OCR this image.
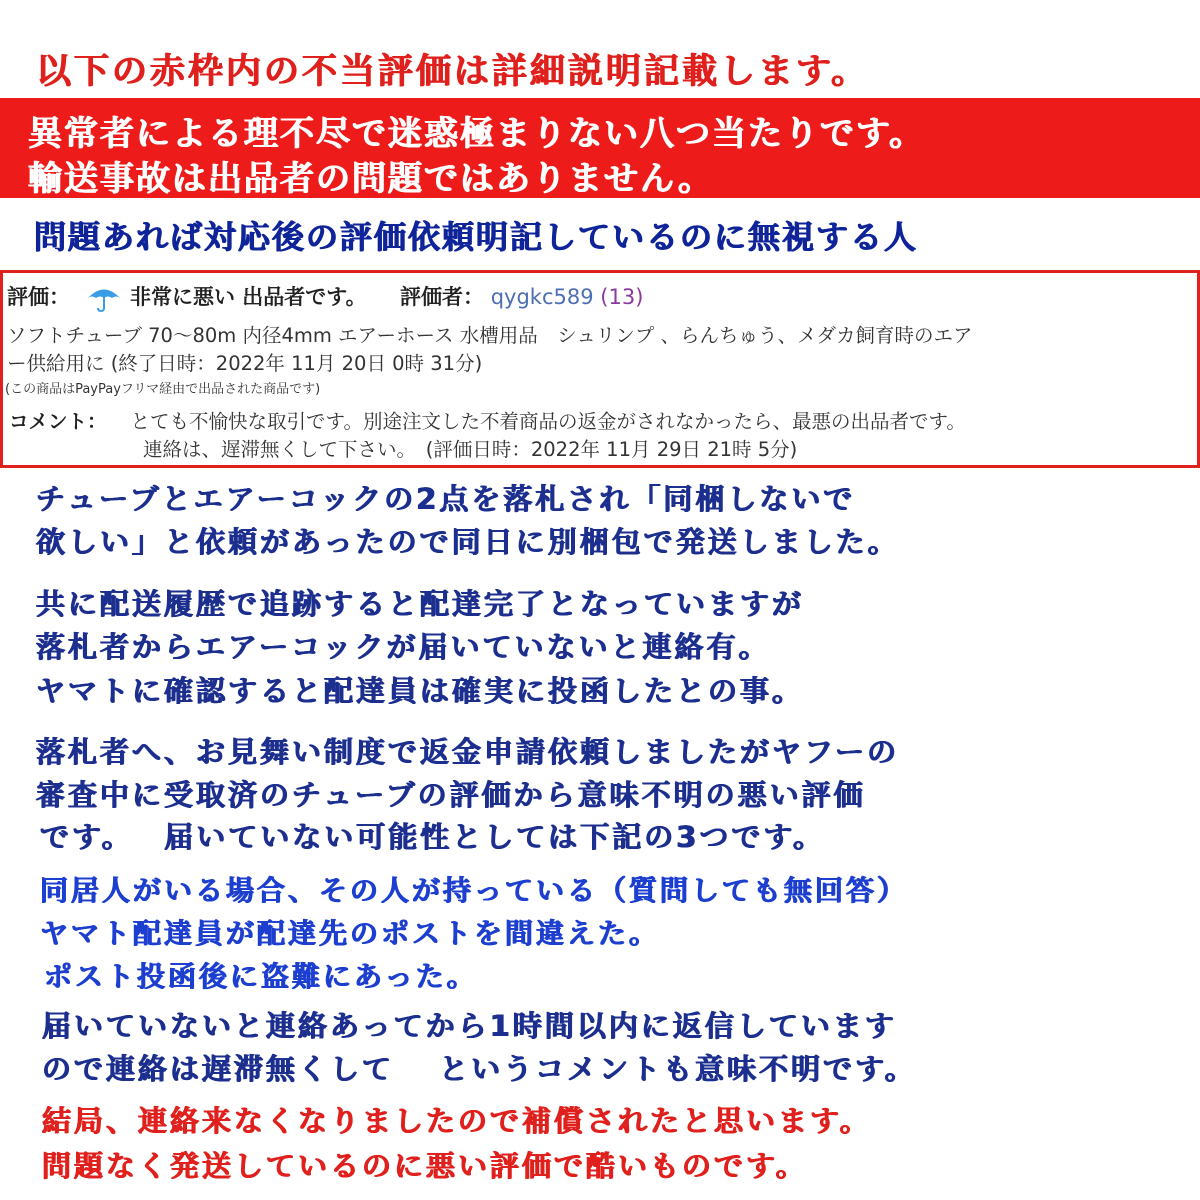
以下の赤枠内の不当評価は詳細説明記載します。
異常者による理不尽で迷惑極まりない八つ当たりです。
輸送事故は出品者の問題ではありません。
問題あれば対応後の評価依頼明記しているのに無視する人
評価：	非常に悪い 出品者です。 評価者： qygkc589 (13)
ソフトチューブ 70～80m 内径4mm エアーホース 水槽用品　シュリンプ 、らんちゅう、メダカ飼育時のエア
ー供給用に (終了日時：2022年 11月 20日 0時 31分)
(この商品はPayPayフリマ経由で出品された商品です)
コメント： とても不愉快な取引です。別途注文した不着商品の返金がされなかったら、最悪の出品者です。
連絡は、遅滞無くして下さい。　(評価日時：2022年 11月 29日 21時 5分)
チューブとエアーコックの2点を落札され「同梱しないで
欲しい」と依頼があったので同日に別梱包で発送しました。
共に配送履歴で追跡すると配達完了となっていますが
落札者からエアーコックが届いていないと連絡有。
ヤマトに確認すると配達員は確実に投函したとの事。
落札者へ、お見舞い制度で返金申請依頼しましたがヤフーの
審査中に受取済のチューブの評価から意味不明の悪い評価
です。　 届いていない可能性としては下記の3つです。
同居人がいる場合、その人が持っている（質問しても無回答）
ヤマト配達員が配達先のポストを間違えた。
ポスト投函後に盗難にあった。
届いていないと連絡あってから1時間以内に返信しています
ので連絡は遅滞無くして　 というコメントも意味不明です。
結局、連絡来なくなりましたので補償されたと思います。
問題なく発送しているのに悪い評価で酷いものです。
